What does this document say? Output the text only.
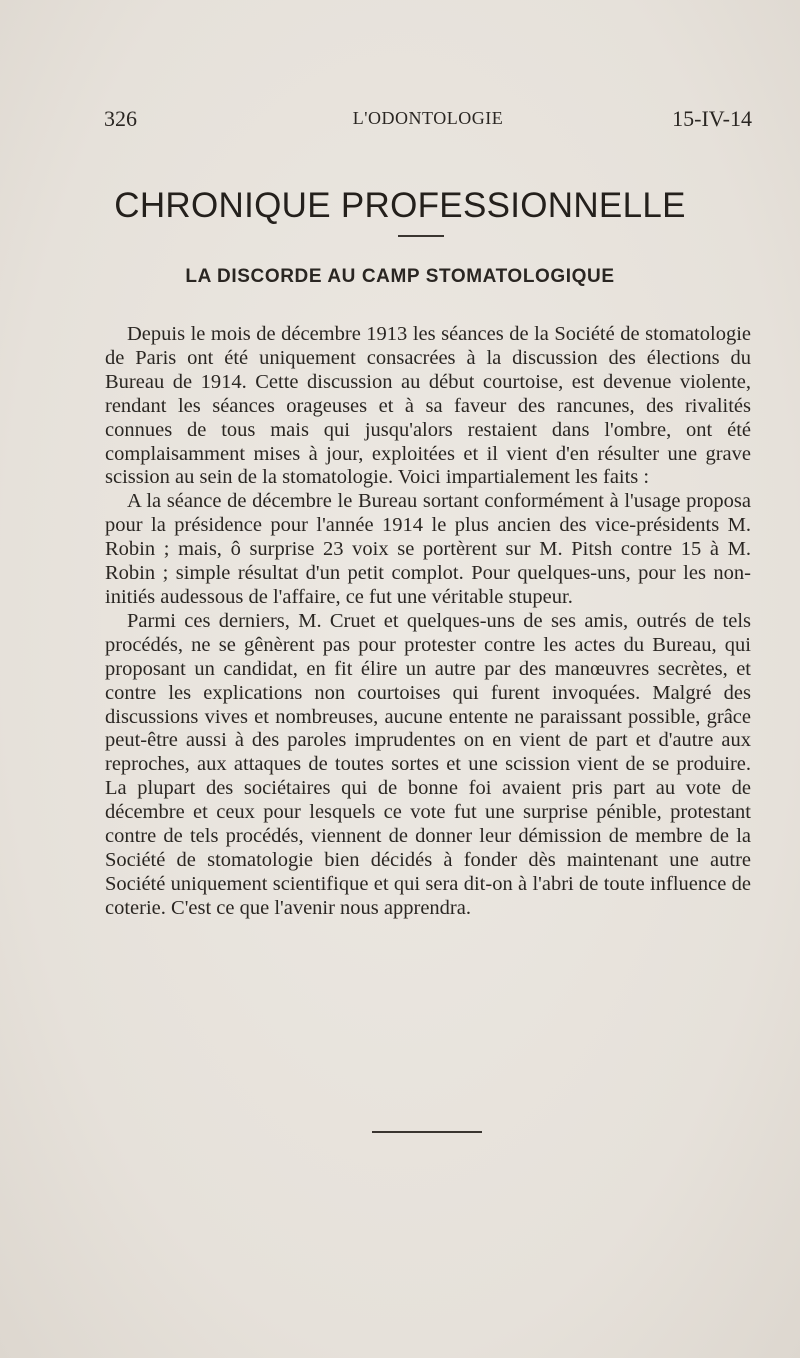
326	L'ODONTOLOGIE	15-IV-14
CHRONIQUE PROFESSIONNELLE
LA DISCORDE AU CAMP STOMATOLOGIQUE

Depuis le mois de décembre 1913 les séances de la Société de stomatologie de Paris ont été uniquement consacrées à la discussion des élections du Bureau de 1914. Cette discussion au début courtoise, est devenue violente, rendant les séances orageuses et à sa faveur des rancunes, des rivalités connues de tous mais qui jusqu'alors restaient dans l'ombre, ont été complaisamment mises à jour, exploitées et il vient d'en résulter une grave scission au sein de la stomatologie. Voici impartialement les faits :

A la séance de décembre le Bureau sortant conformément à l'usage proposa pour la présidence pour l'année 1914 le plus ancien des vice-présidents M. Robin ; mais, ô surprise 23 voix se portèrent sur M. Pitsh contre 15 à M. Robin ; simple résultat d'un petit complot. Pour quelques-uns, pour les non-initiés audessous de l'affaire, ce fut une véritable stupeur.

Parmi ces derniers, M. Cruet et quelques-uns de ses amis, outrés de tels procédés, ne se gênèrent pas pour protester contre les actes du Bureau, qui proposant un candidat, en fit élire un autre par des manœuvres secrètes, et contre les explications non courtoises qui furent invoquées. Malgré des discussions vives et nombreuses, aucune entente ne paraissant possible, grâce peut-être aussi à des paroles imprudentes on en vient de part et d'autre aux reproches, aux attaques de toutes sortes et une scission vient de se produire. La plupart des sociétaires qui de bonne foi avaient pris part au vote de décembre et ceux pour lesquels ce vote fut une surprise pénible, protestant contre de tels procédés, viennent de donner leur démission de membre de la Société de stomatologie bien décidés à fonder dès maintenant une autre Société uniquement scientifique et qui sera dit-on à l'abri de toute influence de coterie. C'est ce que l'avenir nous apprendra.
